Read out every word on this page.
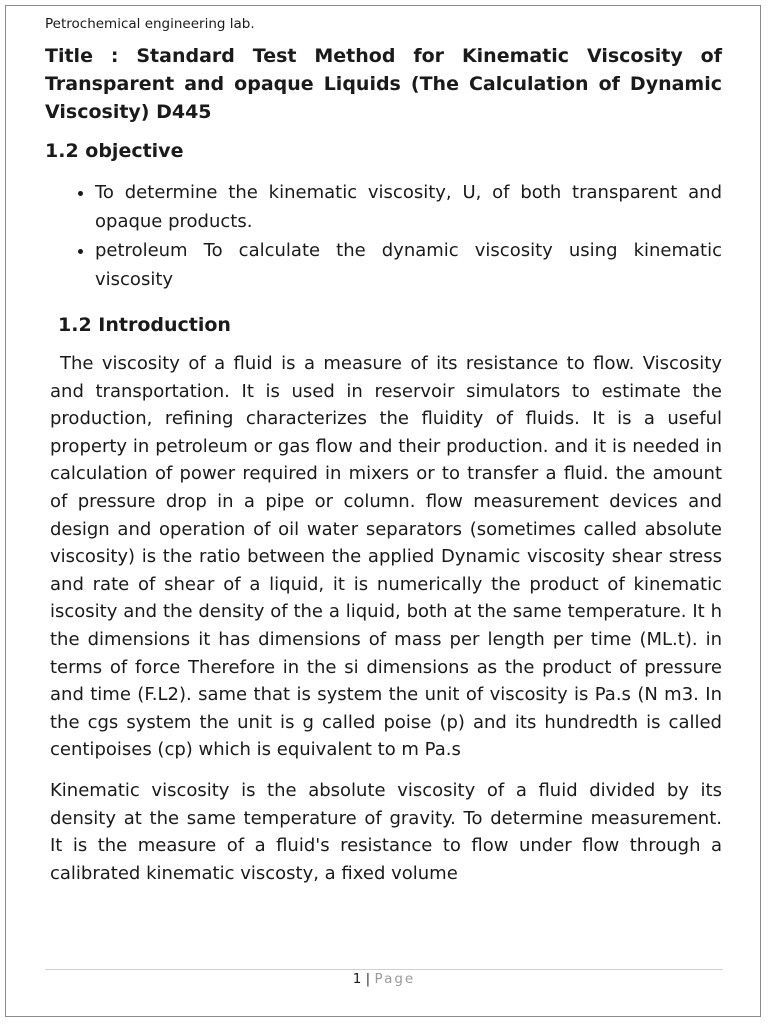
Petrochemical engineering lab.

Title : Standard Test Method for Kinematic Viscosity of Transparent and opaque Liquids (The Calculation of Dynamic Viscosity) D445

1.2 objective
• To determine the kinematic viscosity, U, of both transparent and opaque products.
• petroleum To calculate the dynamic viscosity using kinematic viscosity
1.2 Introduction

The viscosity of a fluid is a measure of its resistance to flow. Viscosity and transportation. It is used in reservoir simulators to estimate the production, refining characterizes the fluidity of fluids. It is a useful property in petroleum or gas flow and their production. and it is needed in calculation of power required in mixers or to transfer a fluid. the amount of pressure drop in a pipe or column. flow measurement devices and design and operation of oil water separators (sometimes called absolute viscosity) is the ratio between the applied Dynamic viscosity shear stress and rate of shear of a liquid, it is numerically the product of kinematic iscosity and the density of the a liquid, both at the same temperature. It h the dimensions it has dimensions of mass per length per time (ML.t). in terms of force Therefore in the si dimensions as the product of pressure and time (F.L2). same that is system the unit of viscosity is Pa.s (N m3. In the cgs system the unit is g called poise (p) and its hundredth is called centipoises (cp) which is equivalent to m Pa.s

Kinematic viscosity is the absolute viscosity of a fluid divided by its density at the same temperature of gravity. To determine measurement. It is the measure of a fluid's resistance to flow under flow through a calibrated kinematic viscosty, a fixed volume

1 | Page
